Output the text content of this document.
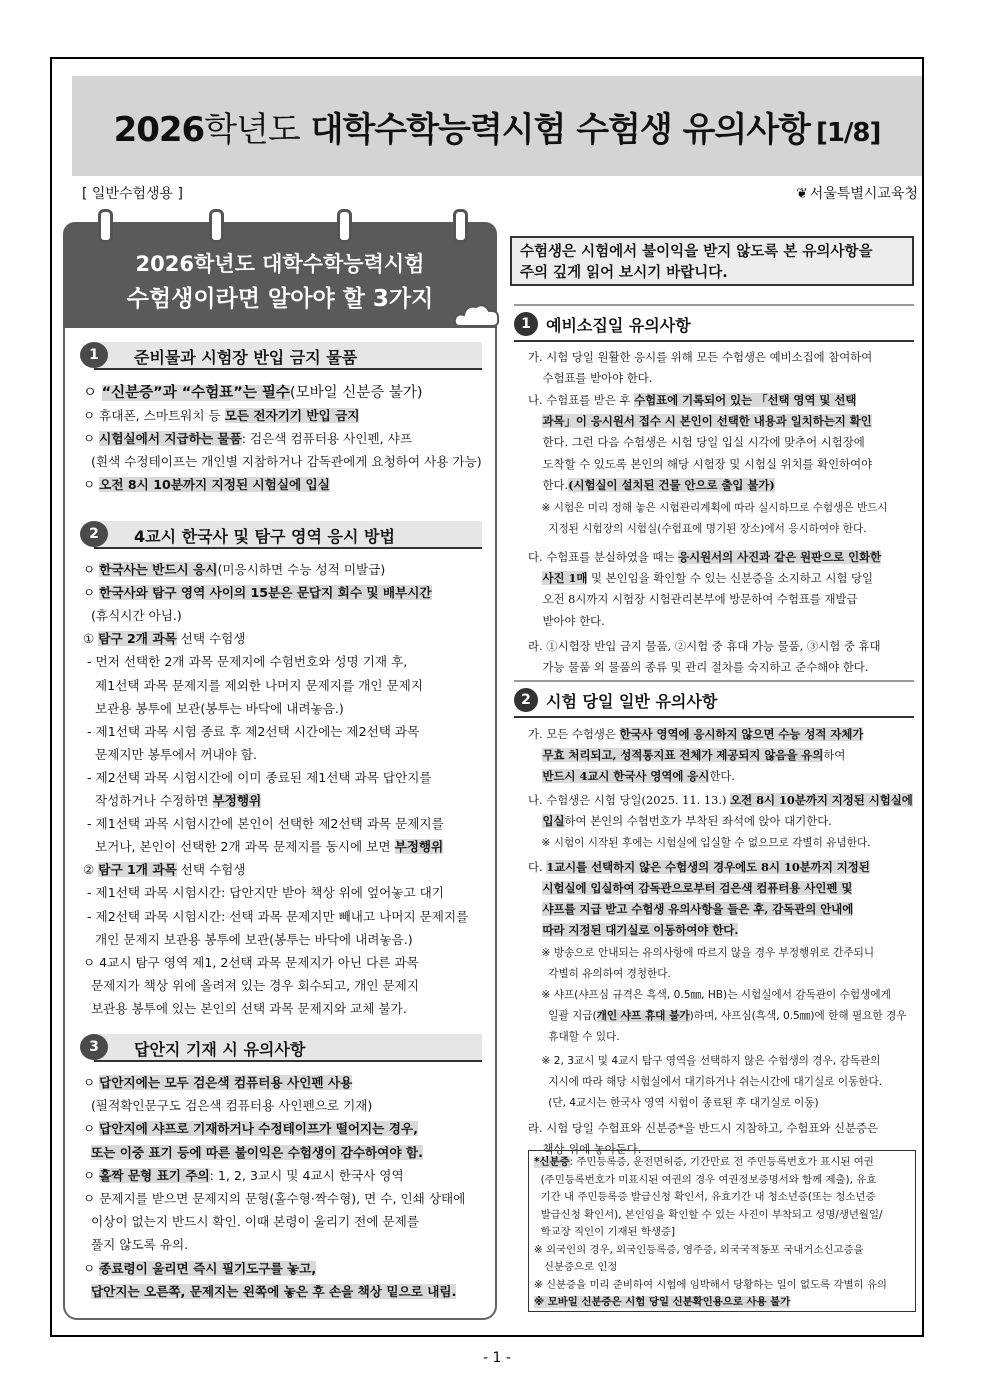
2026학년도 대학수학능력시험 수험생 유의사항 [1/8]
[ 일반수험생용 ]	❦ 서울특별시교육청
2026학년도 대학수학능력시험
수험생이라면 알아야 할 3가지
1	준비물과 시험장 반입 금지 물품
2	4교시 한국사 및 탐구 영역 응시 방법
3	답안지 기재 시 유의사항
ㅇ “신분증”과 “수험표”는 필수(모바일 신분증 불가)
ㅇ 휴대폰, 스마트워치 등 모든 전자기기 반입 금지
ㅇ 시험실에서 지급하는 물품: 검은색 컴퓨터용 사인펜, 샤프
(흰색 수정테이프는 개인별 지참하거나 감독관에게 요청하여 사용 가능)
ㅇ 오전 8시 10분까지 지정된 시험실에 입실
ㅇ 한국사는 반드시 응시(미응시하면 수능 성적 미발급)
ㅇ 한국사와 탐구 영역 사이의 15분은 문답지 회수 및 배부시간
(휴식시간 아님.)
① 탐구 2개 과목 선택 수험생
- 먼저 선택한 2개 과목 문제지에 수험번호와 성명 기재 후,
제1선택 과목 문제지를 제외한 나머지 문제지를 개인 문제지
보관용 봉투에 보관(봉투는 바닥에 내려놓음.)
- 제1선택 과목 시험 종료 후 제2선택 시간에는 제2선택 과목
문제지만 봉투에서 꺼내야 함.
- 제2선택 과목 시험시간에 이미 종료된 제1선택 과목 답안지를
작성하거나 수정하면 부정행위
- 제1선택 과목 시험시간에 본인이 선택한 제2선택 과목 문제지를
보거나, 본인이 선택한 2개 과목 문제지를 동시에 보면 부정행위
② 탐구 1개 과목 선택 수험생
- 제1선택 과목 시험시간: 답안지만 받아 책상 위에 엎어놓고 대기
- 제2선택 과목 시험시간: 선택 과목 문제지만 빼내고 나머지 문제지를
개인 문제지 보관용 봉투에 보관(봉투는 바닥에 내려놓음.)
ㅇ 4교시 탐구 영역 제1, 2선택 과목 문제지가 아닌 다른 과목
문제지가 책상 위에 올려져 있는 경우 회수되고, 개인 문제지
보관용 봉투에 있는 본인의 선택 과목 문제지와 교체 불가.
ㅇ 답안지에는 모두 검은색 컴퓨터용 사인펜 사용
(필적확인문구도 검은색 컴퓨터용 사인펜으로 기재)
ㅇ 답안지에 샤프로 기재하거나 수정테이프가 떨어지는 경우,
또는 이중 표기 등에 따른 불이익은 수험생이 감수하여야 함.
ㅇ 홀짝 문형 표기 주의: 1, 2, 3교시 및 4교시 한국사 영역
ㅇ 문제지를 받으면 문제지의 문형(홀수형·짝수형), 면 수, 인쇄 상태에
이상이 없는지 반드시 확인. 이때 본령이 울리기 전에 문제를
풀지 않도록 유의.
ㅇ 종료령이 울리면 즉시 필기도구를 놓고,
답안지는 오른쪽, 문제지는 왼쪽에 놓은 후 손을 책상 밑으로 내림.
수험생은 시험에서 불이익을 받지 않도록 본 유의사항을
주의 깊게 읽어 보시기 바랍니다.
1 예비소집일 유의사항
2 시험 당일 일반 유의사항
가. 시험 당일 원활한 응시를 위해 모든 수험생은 예비소집에 참여하여
수험표를 받아야 한다.
나. 수험표를 받은 후 수험표에 기록되어 있는 「선택 영역 및 선택
과목」이 응시원서 접수 시 본인이 선택한 내용과 일치하는지 확인
한다. 그런 다음 수험생은 시험 당일 입실 시각에 맞추어 시험장에
도착할 수 있도록 본인의 해당 시험장 및 시험실 위치를 확인하여야
한다.(시험실이 설치된 건물 안으로 출입 불가)
※ 시험은 미리 정해 놓은 시험관리계획에 따라 실시하므로 수험생은 반드시
지정된 시험장의 시험실(수험표에 명기된 장소)에서 응시하여야 한다.
다. 수험표를 분실하였을 때는 응시원서의 사진과 같은 원판으로 인화한
사진 1매 및 본인임을 확인할 수 있는 신분증을 소지하고 시험 당일
오전 8시까지 시험장 시험관리본부에 방문하여 수험표를 재발급
받아야 한다.
라. ①시험장 반입 금지 물품, ②시험 중 휴대 가능 물품, ③시험 중 휴대
가능 물품 외 물품의 종류 및 관리 절차를 숙지하고 준수해야 한다.
가. 모든 수험생은 한국사 영역에 응시하지 않으면 수능 성적 자체가
무효 처리되고, 성적통지표 전체가 제공되지 않음을 유의하여
반드시 4교시 한국사 영역에 응시한다.
나. 수험생은 시험 당일(2025. 11. 13.) 오전 8시 10분까지 지정된 시험실에
입실하여 본인의 수험번호가 부착된 좌석에 앉아 대기한다.
※ 시험이 시작된 후에는 시험실에 입실할 수 없으므로 각별히 유념한다.
다. 1교시를 선택하지 않은 수험생의 경우에도 8시 10분까지 지정된
시험실에 입실하여 감독관으로부터 검은색 컴퓨터용 사인펜 및
샤프를 지급 받고 수험생 유의사항을 들은 후, 감독관의 안내에
따라 지정된 대기실로 이동하여야 한다.
※ 방송으로 안내되는 유의사항에 따르지 않을 경우 부정행위로 간주되니
각별히 유의하여 경청한다.
※ 샤프(샤프심 규격은 흑색, 0.5㎜, HB)는 시험실에서 감독관이 수험생에게
일괄 지급(개인 샤프 휴대 불가)하며, 샤프심(흑색, 0.5㎜)에 한해 필요한 경우
휴대할 수 있다.
※ 2, 3교시 및 4교시 탐구 영역을 선택하지 않은 수험생의 경우, 감독관의
지시에 따라 해당 시험실에서 대기하거나 쉬는시간에 대기실로 이동한다.
(단, 4교시는 한국사 영역 시험이 종료된 후 대기실로 이동)
라. 시험 당일 수험표와 신분증*을 반드시 지참하고, 수험표와 신분증은
책상 위에 놓아둔다.
*신분증: 주민등록증, 운전면허증, 기간만료 전 주민등록번호가 표시된 여권
(주민등록번호가 미표시된 여권의 경우 여권정보증명서와 함께 제출), 유효
기간 내 주민등록증 발급신청 확인서, 유효기간 내 청소년증(또는 청소년증
발급신청 확인서), 본인임을 확인할 수 있는 사진이 부착되고 성명/생년월일/
학교장 직인이 기재된 학생증]
※ 외국인의 경우, 외국인등록증, 영주증, 외국국적동포 국내거소신고증을
신분증으로 인정
※ 신분증을 미리 준비하여 시험에 임박해서 당황하는 일이 없도록 각별히 유의
※ 모바일 신분증은 시험 당일 신분확인용으로 사용 불가
- 1 -
